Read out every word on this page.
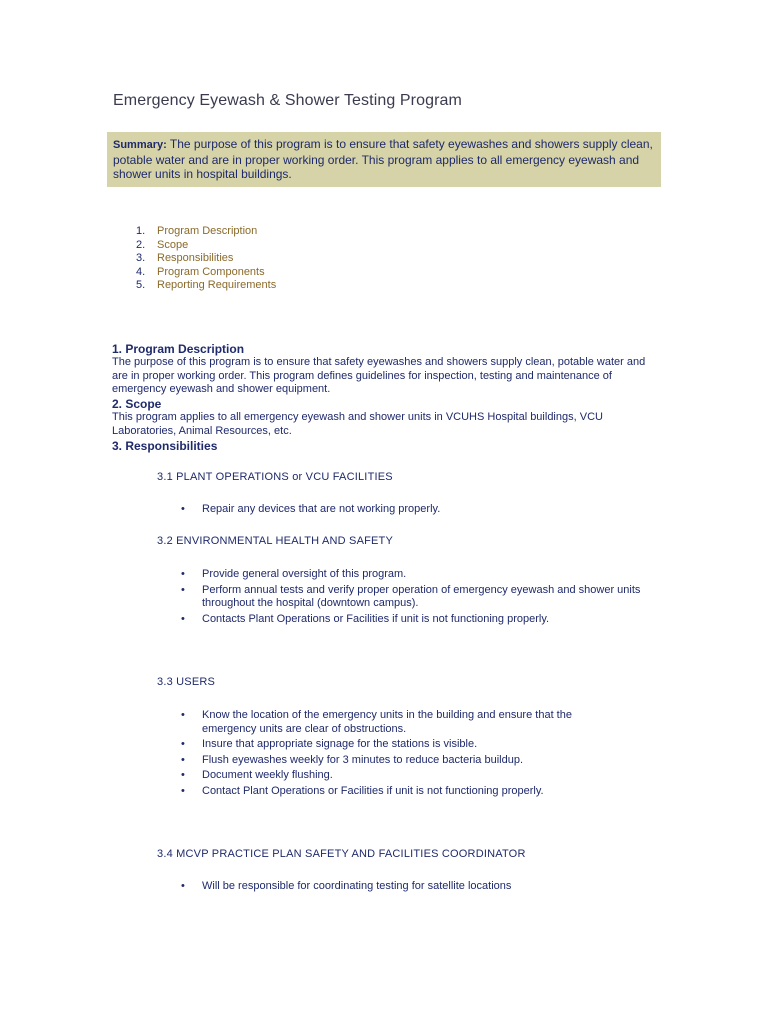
Emergency Eyewash & Shower Testing Program
Summary: The purpose of this program is to ensure that safety eyewashes and showers supply clean, potable water and are in proper working order. This program applies to all emergency eyewash and shower units in hospital buildings.
1.	Program Description
2.	Scope
3.	Responsibilities
4.	Program Components
5.	Reporting Requirements
1. Program Description

The purpose of this program is to ensure that safety eyewashes and showers supply clean, potable water and are in proper working order. This program defines guidelines for inspection, testing and maintenance of emergency eyewash and shower equipment.

2. Scope

This program applies to all emergency eyewash and shower units in VCUHS Hospital buildings, VCU Laboratories, Animal Resources, etc.

3. Responsibilities

3.1 PLANT OPERATIONS or VCU FACILITIES

•	Repair any devices that are not working properly.

3.2 ENVIRONMENTAL HEALTH AND SAFETY

•	Provide general oversight of this program.
•	Perform annual tests and verify proper operation of emergency eyewash and shower units throughout the hospital (downtown campus).
•	Contacts Plant Operations or Facilities if unit is not functioning properly.

3.3 USERS

•	Know the location of the emergency units in the building and ensure that the emergency units are clear of obstructions.
•	Insure that appropriate signage for the stations is visible.
•	Flush eyewashes weekly for 3 minutes to reduce bacteria buildup.
•	Document weekly flushing.
•	Contact Plant Operations or Facilities if unit is not functioning properly.

3.4 MCVP PRACTICE PLAN SAFETY AND FACILITIES COORDINATOR

•	Will be responsible for coordinating testing for satellite locations
